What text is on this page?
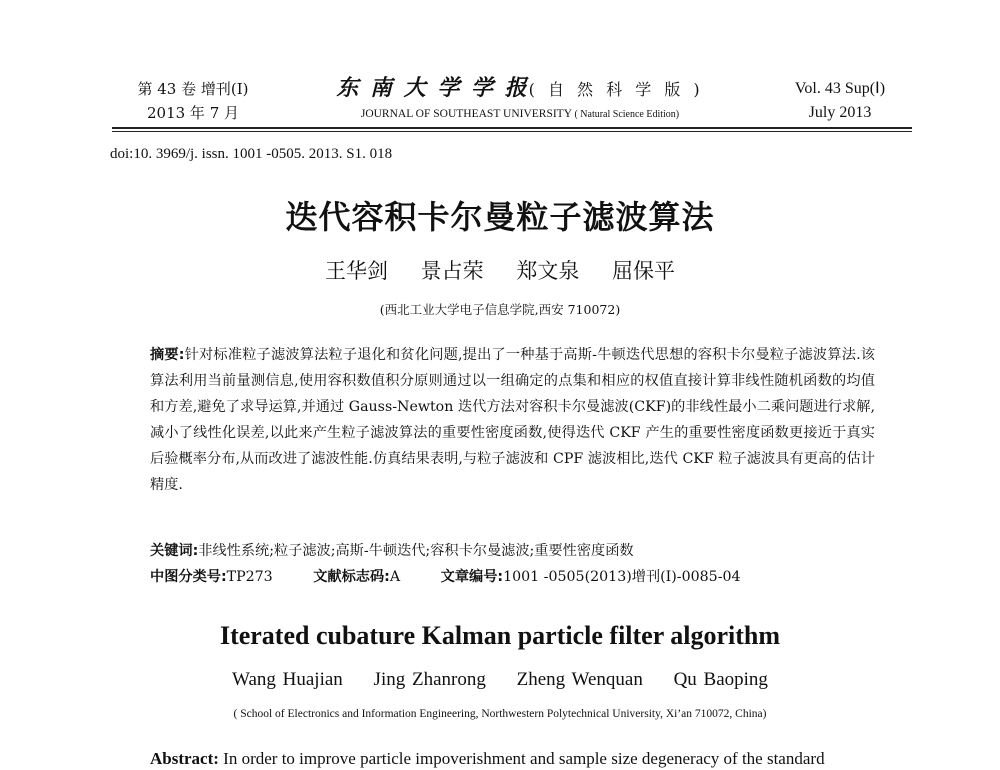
第 43 卷 增刊(Ⅰ)
2013 年 7 月
东 南 大 学 学 报( 自 然 科 学 版 )
JOURNAL OF SOUTHEAST UNIVERSITY ( Natural Science Edition)
Vol. 43 Sup(Ⅰ)
July 2013
doi:10. 3969/j. issn. 1001 -0505. 2013. S1. 018
迭代容积卡尔曼粒子滤波算法
王华剑 景占荣 郑文泉 屈保平
(西北工业大学电子信息学院,西安 710072)
摘要:针对标准粒子滤波算法粒子退化和贫化问题,提出了一种基于高斯-牛顿迭代思想的容积卡尔曼粒子滤波算法.该算法利用当前量测信息,使用容积数值积分原则通过以一组确定的点集和相应的权值直接计算非线性随机函数的均值和方差,避免了求导运算,并通过 Gauss-Newton 迭代方法对容积卡尔曼滤波(CKF)的非线性最小二乘问题进行求解,减小了线性化误差,以此来产生粒子滤波算法的重要性密度函数,使得迭代 CKF 产生的重要性密度函数更接近于真实后验概率分布,从而改进了滤波性能.仿真结果表明,与粒子滤波和 CPF 滤波相比,迭代 CKF 粒子滤波具有更高的估计精度.
关键词:非线性系统;粒子滤波;高斯-牛顿迭代;容积卡尔曼滤波;重要性密度函数
中图分类号:TP273	文献标志码:A	文章编号:1001 -0505(2013)增刊(Ⅰ)-0085-04
Iterated cubature Kalman particle filter algorithm
Wang Huajian Jing Zhanrong Zheng Wenquan Qu Baoping
( School of Electronics and Information Engineering, Northwestern Polytechnical University, Xi’an 710072, China)
Abstract: In order to improve particle impoverishment and sample size degeneracy of the standard
